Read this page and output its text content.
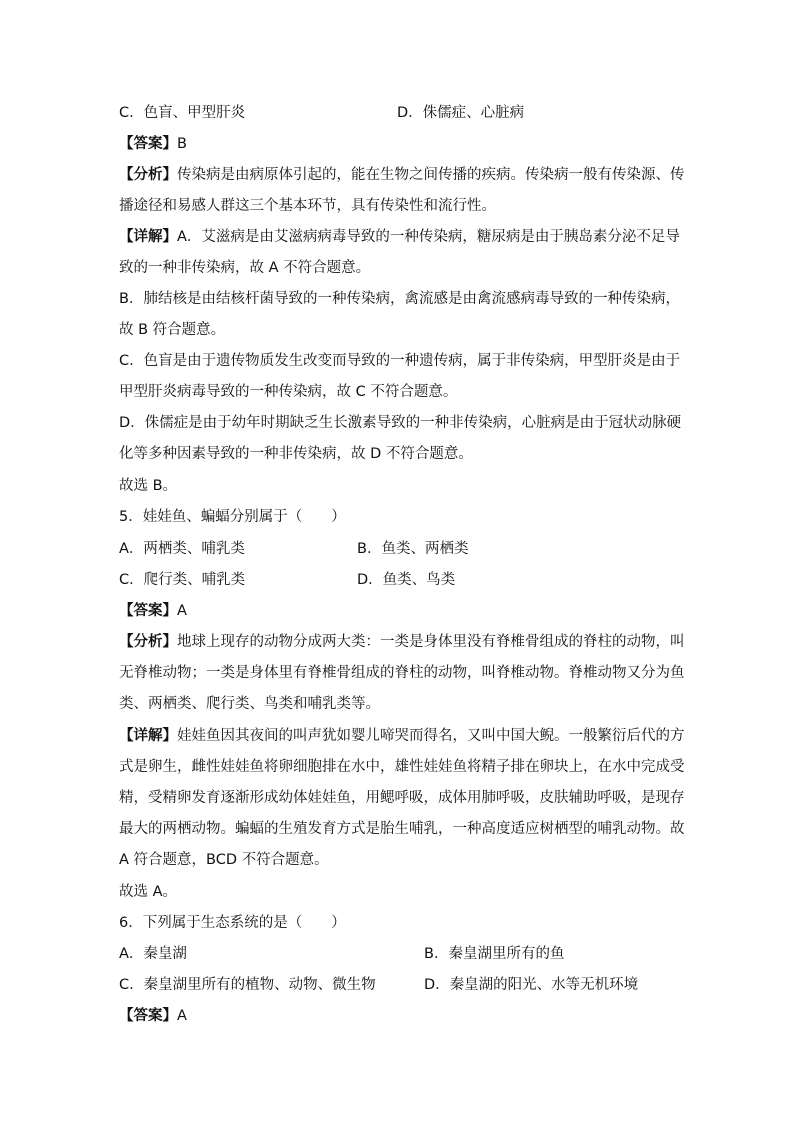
C．色盲、甲型肝炎	D．侏儒症、心脏病
【答案】B
【分析】传染病是由病原体引起的，能在生物之间传播的疾病。传染病一般有传染源、传
播途径和易感人群这三个基本环节，具有传染性和流行性。
【详解】A．艾滋病是由艾滋病病毒导致的一种传染病，糖尿病是由于胰岛素分泌不足导
致的一种非传染病，故 A 不符合题意。
B．肺结核是由结核杆菌导致的一种传染病，禽流感是由禽流感病毒导致的一种传染病，
故 B 符合题意。
C．色盲是由于遗传物质发生改变而导致的一种遗传病，属于非传染病，甲型肝炎是由于
甲型肝炎病毒导致的一种传染病，故 C 不符合题意。
D．侏儒症是由于幼年时期缺乏生长激素导致的一种非传染病，心脏病是由于冠状动脉硬
化等多种因素导致的一种非传染病，故 D 不符合题意。
故选 B。
5．娃娃鱼、蝙蝠分别属于（　　）
A．两栖类、哺乳类	B．鱼类、两栖类
C．爬行类、哺乳类	D．鱼类、鸟类
【答案】A
【分析】地球上现存的动物分成两大类：一类是身体里没有脊椎骨组成的脊柱的动物，叫
无脊椎动物；一类是身体里有脊椎骨组成的脊柱的动物，叫脊椎动物。脊椎动物又分为鱼
类、两栖类、爬行类、鸟类和哺乳类等。
【详解】娃娃鱼因其夜间的叫声犹如婴儿啼哭而得名，又叫中国大鲵。一般繁衍后代的方
式是卵生，雌性娃娃鱼将卵细胞排在水中，雄性娃娃鱼将精子排在卵块上，在水中完成受
精，受精卵发育逐渐形成幼体娃娃鱼，用鳃呼吸，成体用肺呼吸，皮肤辅助呼吸，是现存
最大的两栖动物。蝙蝠的生殖发育方式是胎生哺乳，一种高度适应树栖型的哺乳动物。故
A 符合题意，BCD 不符合题意。
故选 A。
6．下列属于生态系统的是（　　）
A．秦皇湖	B．秦皇湖里所有的鱼
C．秦皇湖里所有的植物、动物、微生物	D．秦皇湖的阳光、水等无机环境
【答案】A
